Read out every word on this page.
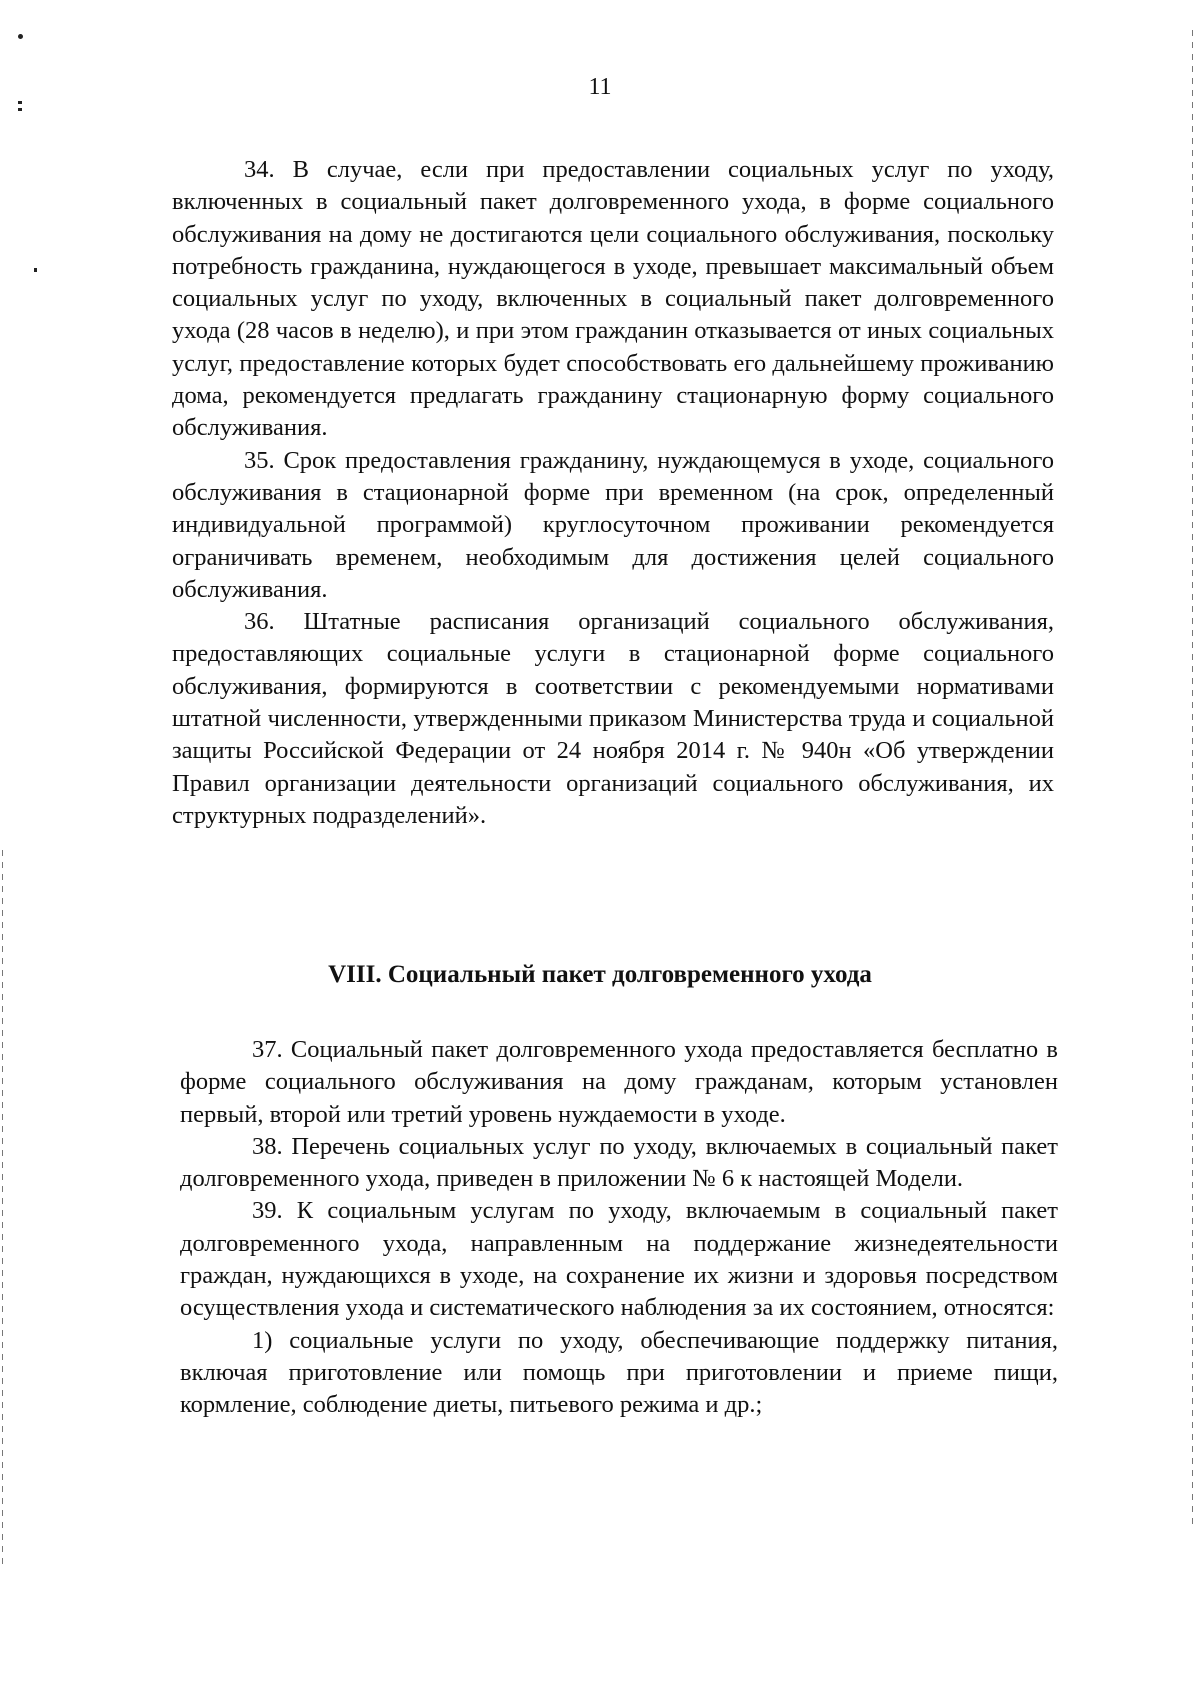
11

34. В случае, если при предоставлении социальных услуг по уходу, включенных в социальный пакет долговременного ухода, в форме социального обслуживания на дому не достигаются цели социального обслуживания, поскольку потребность гражданина, нуждающегося в уходе, превышает максимальный объем социальных услуг по уходу, включенных в социальный пакет долговременного ухода (28 часов в неделю), и при этом гражданин отказывается от иных социальных услуг, предоставление которых будет способствовать его дальнейшему проживанию дома, рекомендуется предлагать гражданину стационарную форму социального обслуживания.

35. Срок предоставления гражданину, нуждающемуся в уходе, социального обслуживания в стационарной форме при временном (на срок, определенный индивидуальной программой) круглосуточном проживании рекомендуется ограничивать временем, необходимым для достижения целей социального обслуживания.

36. Штатные расписания организаций социального обслуживания, предоставляющих социальные услуги в стационарной форме социального обслуживания, формируются в соответствии с рекомендуемыми нормативами штатной численности, утвержденными приказом Министерства труда и социальной защиты Российской Федерации от 24 ноября 2014 г. № 940н «Об утверждении Правил организации деятельности организаций социального обслуживания, их структурных подразделений».

VIII. Социальный пакет долговременного ухода

37. Социальный пакет долговременного ухода предоставляется бесплатно в форме социального обслуживания на дому гражданам, которым установлен первый, второй или третий уровень нуждаемости в уходе.

38. Перечень социальных услуг по уходу, включаемых в социальный пакет долговременного ухода, приведен в приложении № 6 к настоящей Модели.

39. К социальным услугам по уходу, включаемым в социальный пакет долговременного ухода, направленным на поддержание жизнедеятельности граждан, нуждающихся в уходе, на сохранение их жизни и здоровья посредством осуществления ухода и систематического наблюдения за их состоянием, относятся:

1) социальные услуги по уходу, обеспечивающие поддержку питания, включая приготовление или помощь при приготовлении и приеме пищи, кормление, соблюдение диеты, питьевого режима и др.;
